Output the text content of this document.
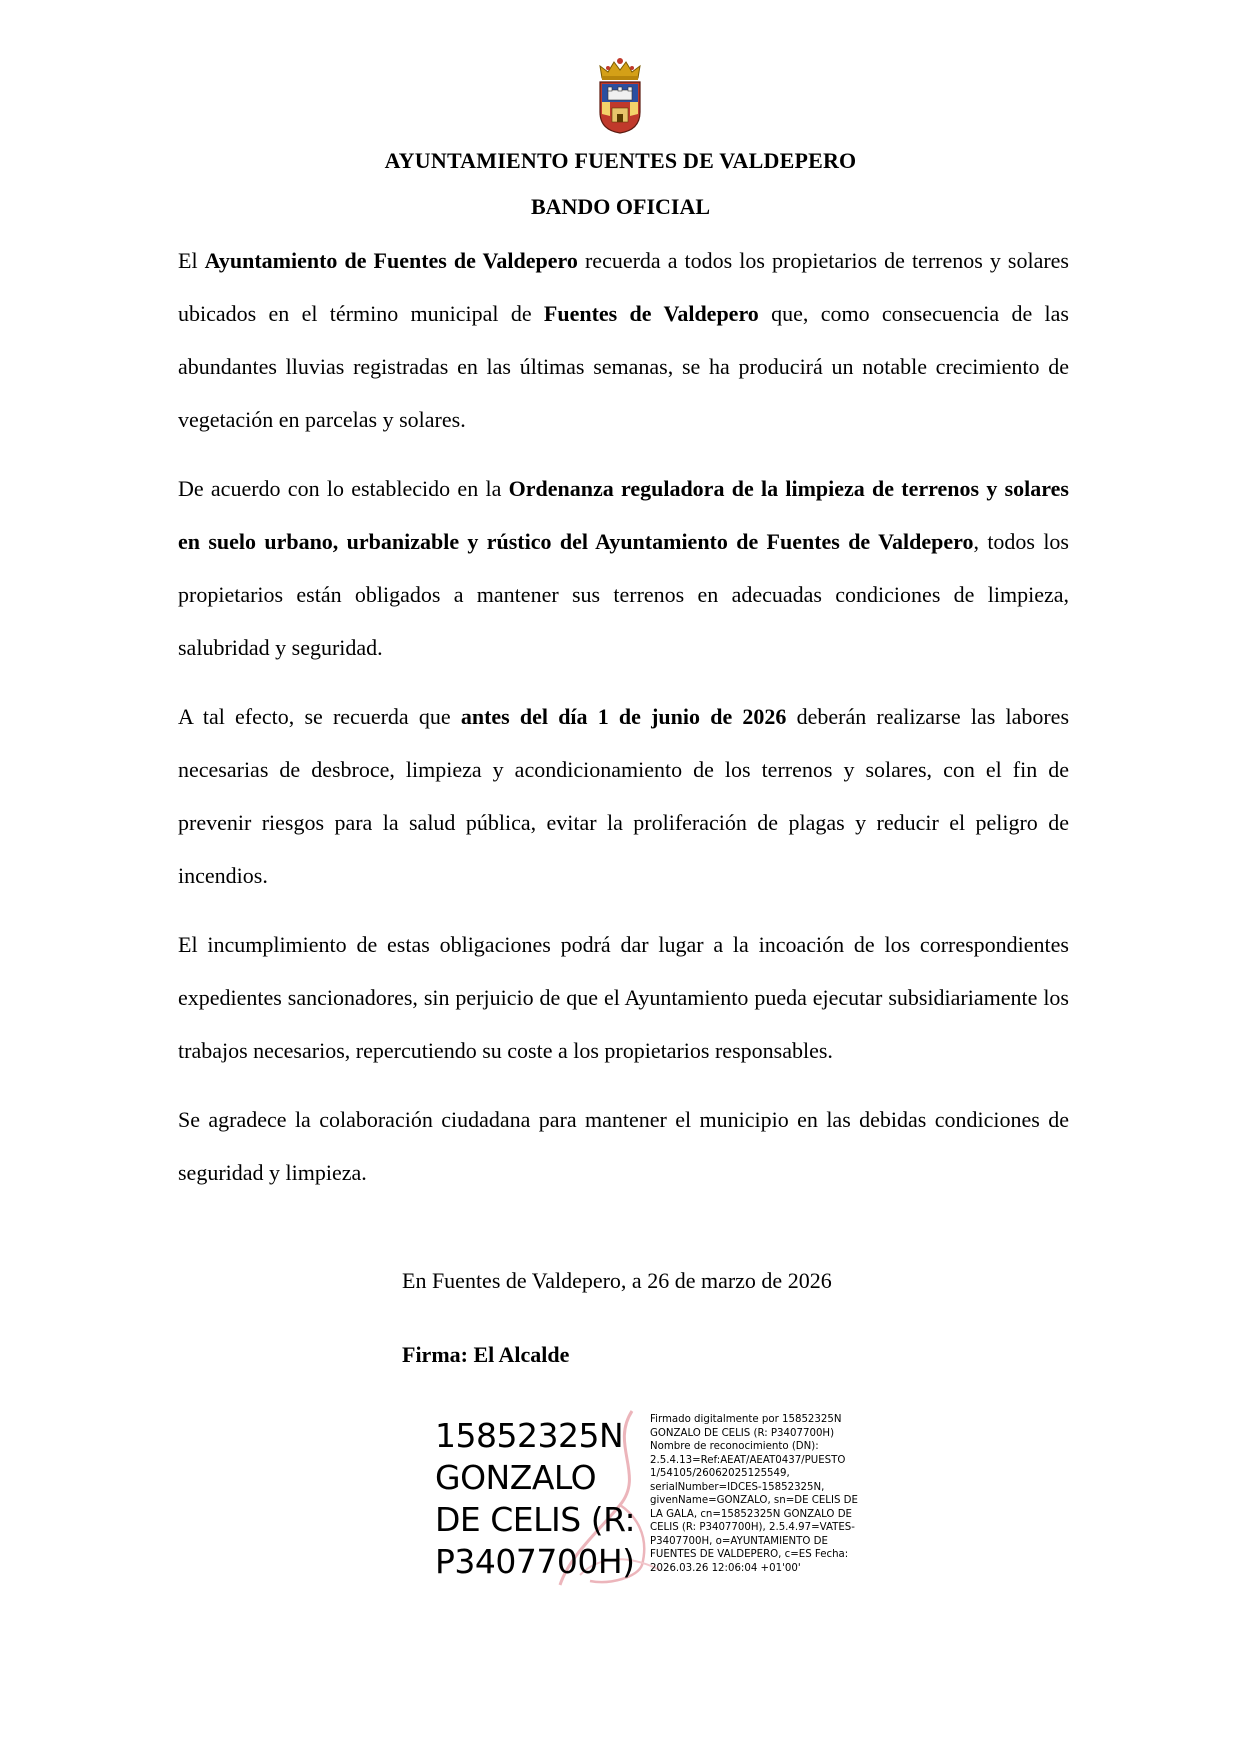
AYUNTAMIENTO FUENTES DE VALDEPERO
BANDO OFICIAL

El Ayuntamiento de Fuentes de Valdepero recuerda a todos los propietarios de terrenos y solares ubicados en el término municipal de Fuentes de Valdepero que, como consecuencia de las abundantes lluvias registradas en las últimas semanas, se ha producirá un notable crecimiento de vegetación en parcelas y solares.

De acuerdo con lo establecido en la Ordenanza reguladora de la limpieza de terrenos y solares en suelo urbano, urbanizable y rústico del Ayuntamiento de Fuentes de Valdepero, todos los propietarios están obligados a mantener sus terrenos en adecuadas condiciones de limpieza, salubridad y seguridad.

A tal efecto, se recuerda que antes del día 1 de junio de 2026 deberán realizarse las labores necesarias de desbroce, limpieza y acondicionamiento de los terrenos y solares, con el fin de prevenir riesgos para la salud pública, evitar la proliferación de plagas y reducir el peligro de incendios.

El incumplimiento de estas obligaciones podrá dar lugar a la incoación de los correspondientes expedientes sancionadores, sin perjuicio de que el Ayuntamiento pueda ejecutar subsidiariamente los trabajos necesarios, repercutiendo su coste a los propietarios responsables.

Se agradece la colaboración ciudadana para mantener el municipio en las debidas condiciones de seguridad y limpieza.

En Fuentes de Valdepero, a 26 de marzo de 2026
Firma: El Alcalde
15852325N GONZALO DE CELIS (R: P3407700H)
Firmado digitalmente por 15852325N GONZALO DE CELIS (R: P3407700H) Nombre de reconocimiento (DN): 2.5.4.13=Ref:AEAT/AEAT0437/PUESTO 1/54105/26062025125549, serialNumber=IDCES-15852325N, givenName=GONZALO, sn=DE CELIS DE LA GALA, cn=15852325N GONZALO DE CELIS (R: P3407700H), 2.5.4.97=VATES-P3407700H, o=AYUNTAMIENTO DE FUENTES DE VALDEPERO, c=ES Fecha: 2026.03.26 12:06:04 +01'00'
